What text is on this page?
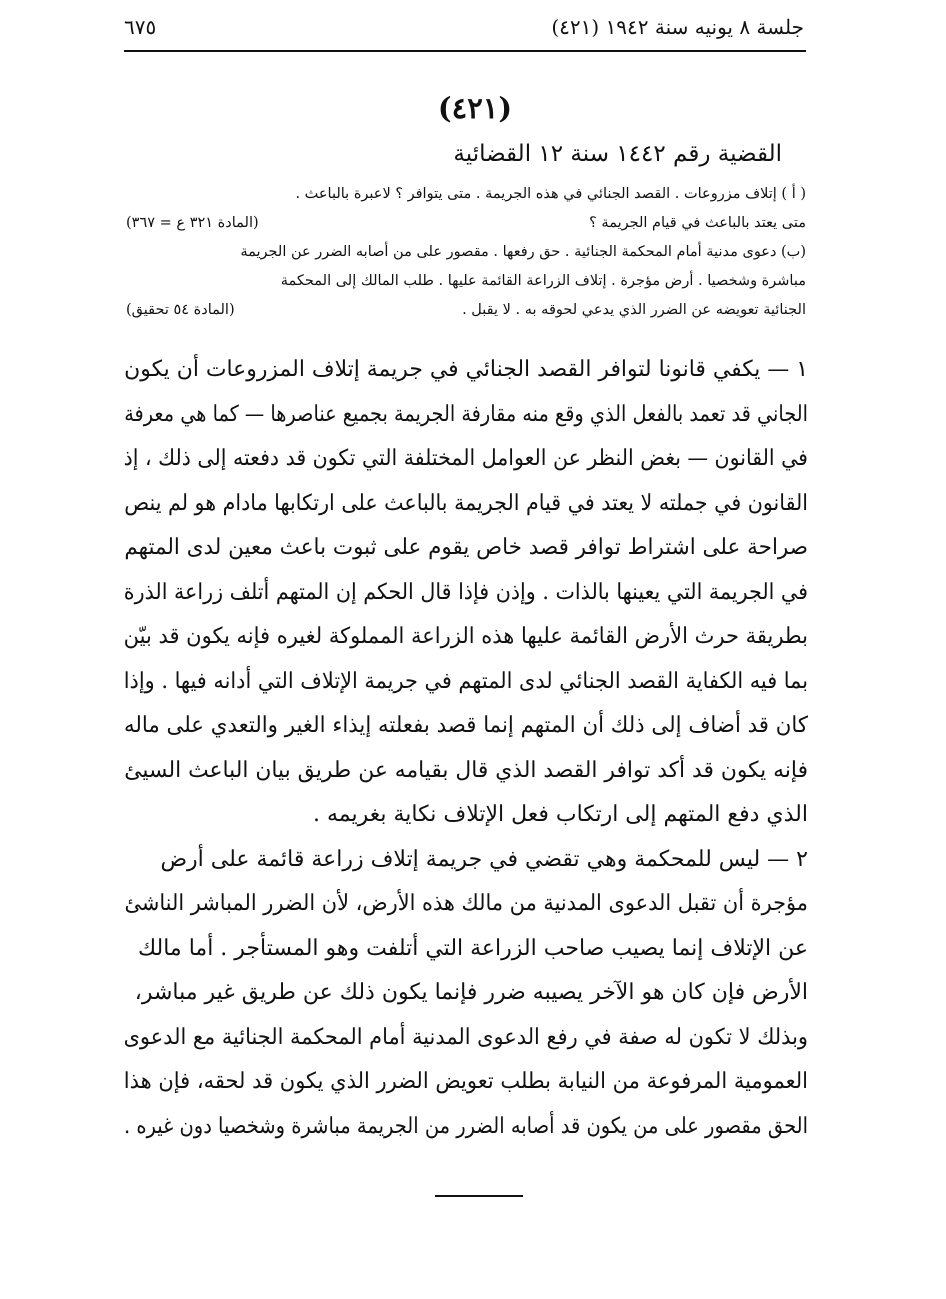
جلسة ٨ يونيه سنة ١٩٤٢ (٤٢١)
٦٧٥
(٤٢١)
القضية رقم ١٤٤٢ سنة ١٢ القضائية
( أ ) إتلاف مزروعات . القصد الجنائي في هذه الجريمة . متى يتوافر ؟ لاعبرة بالباعث .
متى يعتد بالباعث في قيام الجريمة ؟
(المادة ٣٢١ ع = ٣٦٧)
(ب) دعوى مدنية أمام المحكمة الجنائية . حق رفعها . مقصور على من أصابه الضرر عن الجريمة
مباشرة وشخصيا . أرض مؤجرة . إتلاف الزراعة القائمة عليها . طلب المالك إلى المحكمة
الجنائية تعويضه عن الضرر الذي يدعي لحوقه به . لا يقبل .
(المادة ٥٤ تحقيق)
١ — يكفي قانونا لتوافر القصد الجنائي في جريمة إتلاف المزروعات أن يكون
الجاني قد تعمد بالفعل الذي وقع منه مقارفة الجريمة بجميع عناصرها — كما هي معرفة
في القانون — بغض النظر عن العوامل المختلفة التي تكون قد دفعته إلى ذلك ، إذ
القانون في جملته لا يعتد في قيام الجريمة بالباعث على ارتكابها مادام هو لم ينص
صراحة على اشتراط توافر قصد خاص يقوم على ثبوت باعث معين لدى المتهم
في الجريمة التي يعينها بالذات . وإذن فإذا قال الحكم إن المتهم أتلف زراعة الذرة
بطريقة حرث الأرض القائمة عليها هذه الزراعة المملوكة لغيره فإنه يكون قد بيّن
بما فيه الكفاية القصد الجنائي لدى المتهم في جريمة الإتلاف التي أدانه فيها . وإذا
كان قد أضاف إلى ذلك أن المتهم إنما قصد بفعلته إيذاء الغير والتعدي على ماله
فإنه يكون قد أكد توافر القصد الذي قال بقيامه عن طريق بيان الباعث السيئ
الذي دفع المتهم إلى ارتكاب فعل الإتلاف نكاية بغريمه .
٢ — ليس للمحكمة وهي تقضي في جريمة إتلاف زراعة قائمة على أرض
مؤجرة أن تقبل الدعوى المدنية من مالك هذه الأرض، لأن الضرر المباشر الناشئ
عن الإتلاف إنما يصيب صاحب الزراعة التي أتلفت وهو المستأجر . أما مالك
الأرض فإن كان هو الآخر يصيبه ضرر فإنما يكون ذلك عن طريق غير مباشر،
وبذلك لا تكون له صفة في رفع الدعوى المدنية أمام المحكمة الجنائية مع الدعوى
العمومية المرفوعة من النيابة بطلب تعويض الضرر الذي يكون قد لحقه، فإن هذا
الحق مقصور على من يكون قد أصابه الضرر من الجريمة مباشرة وشخصيا دون غيره .
